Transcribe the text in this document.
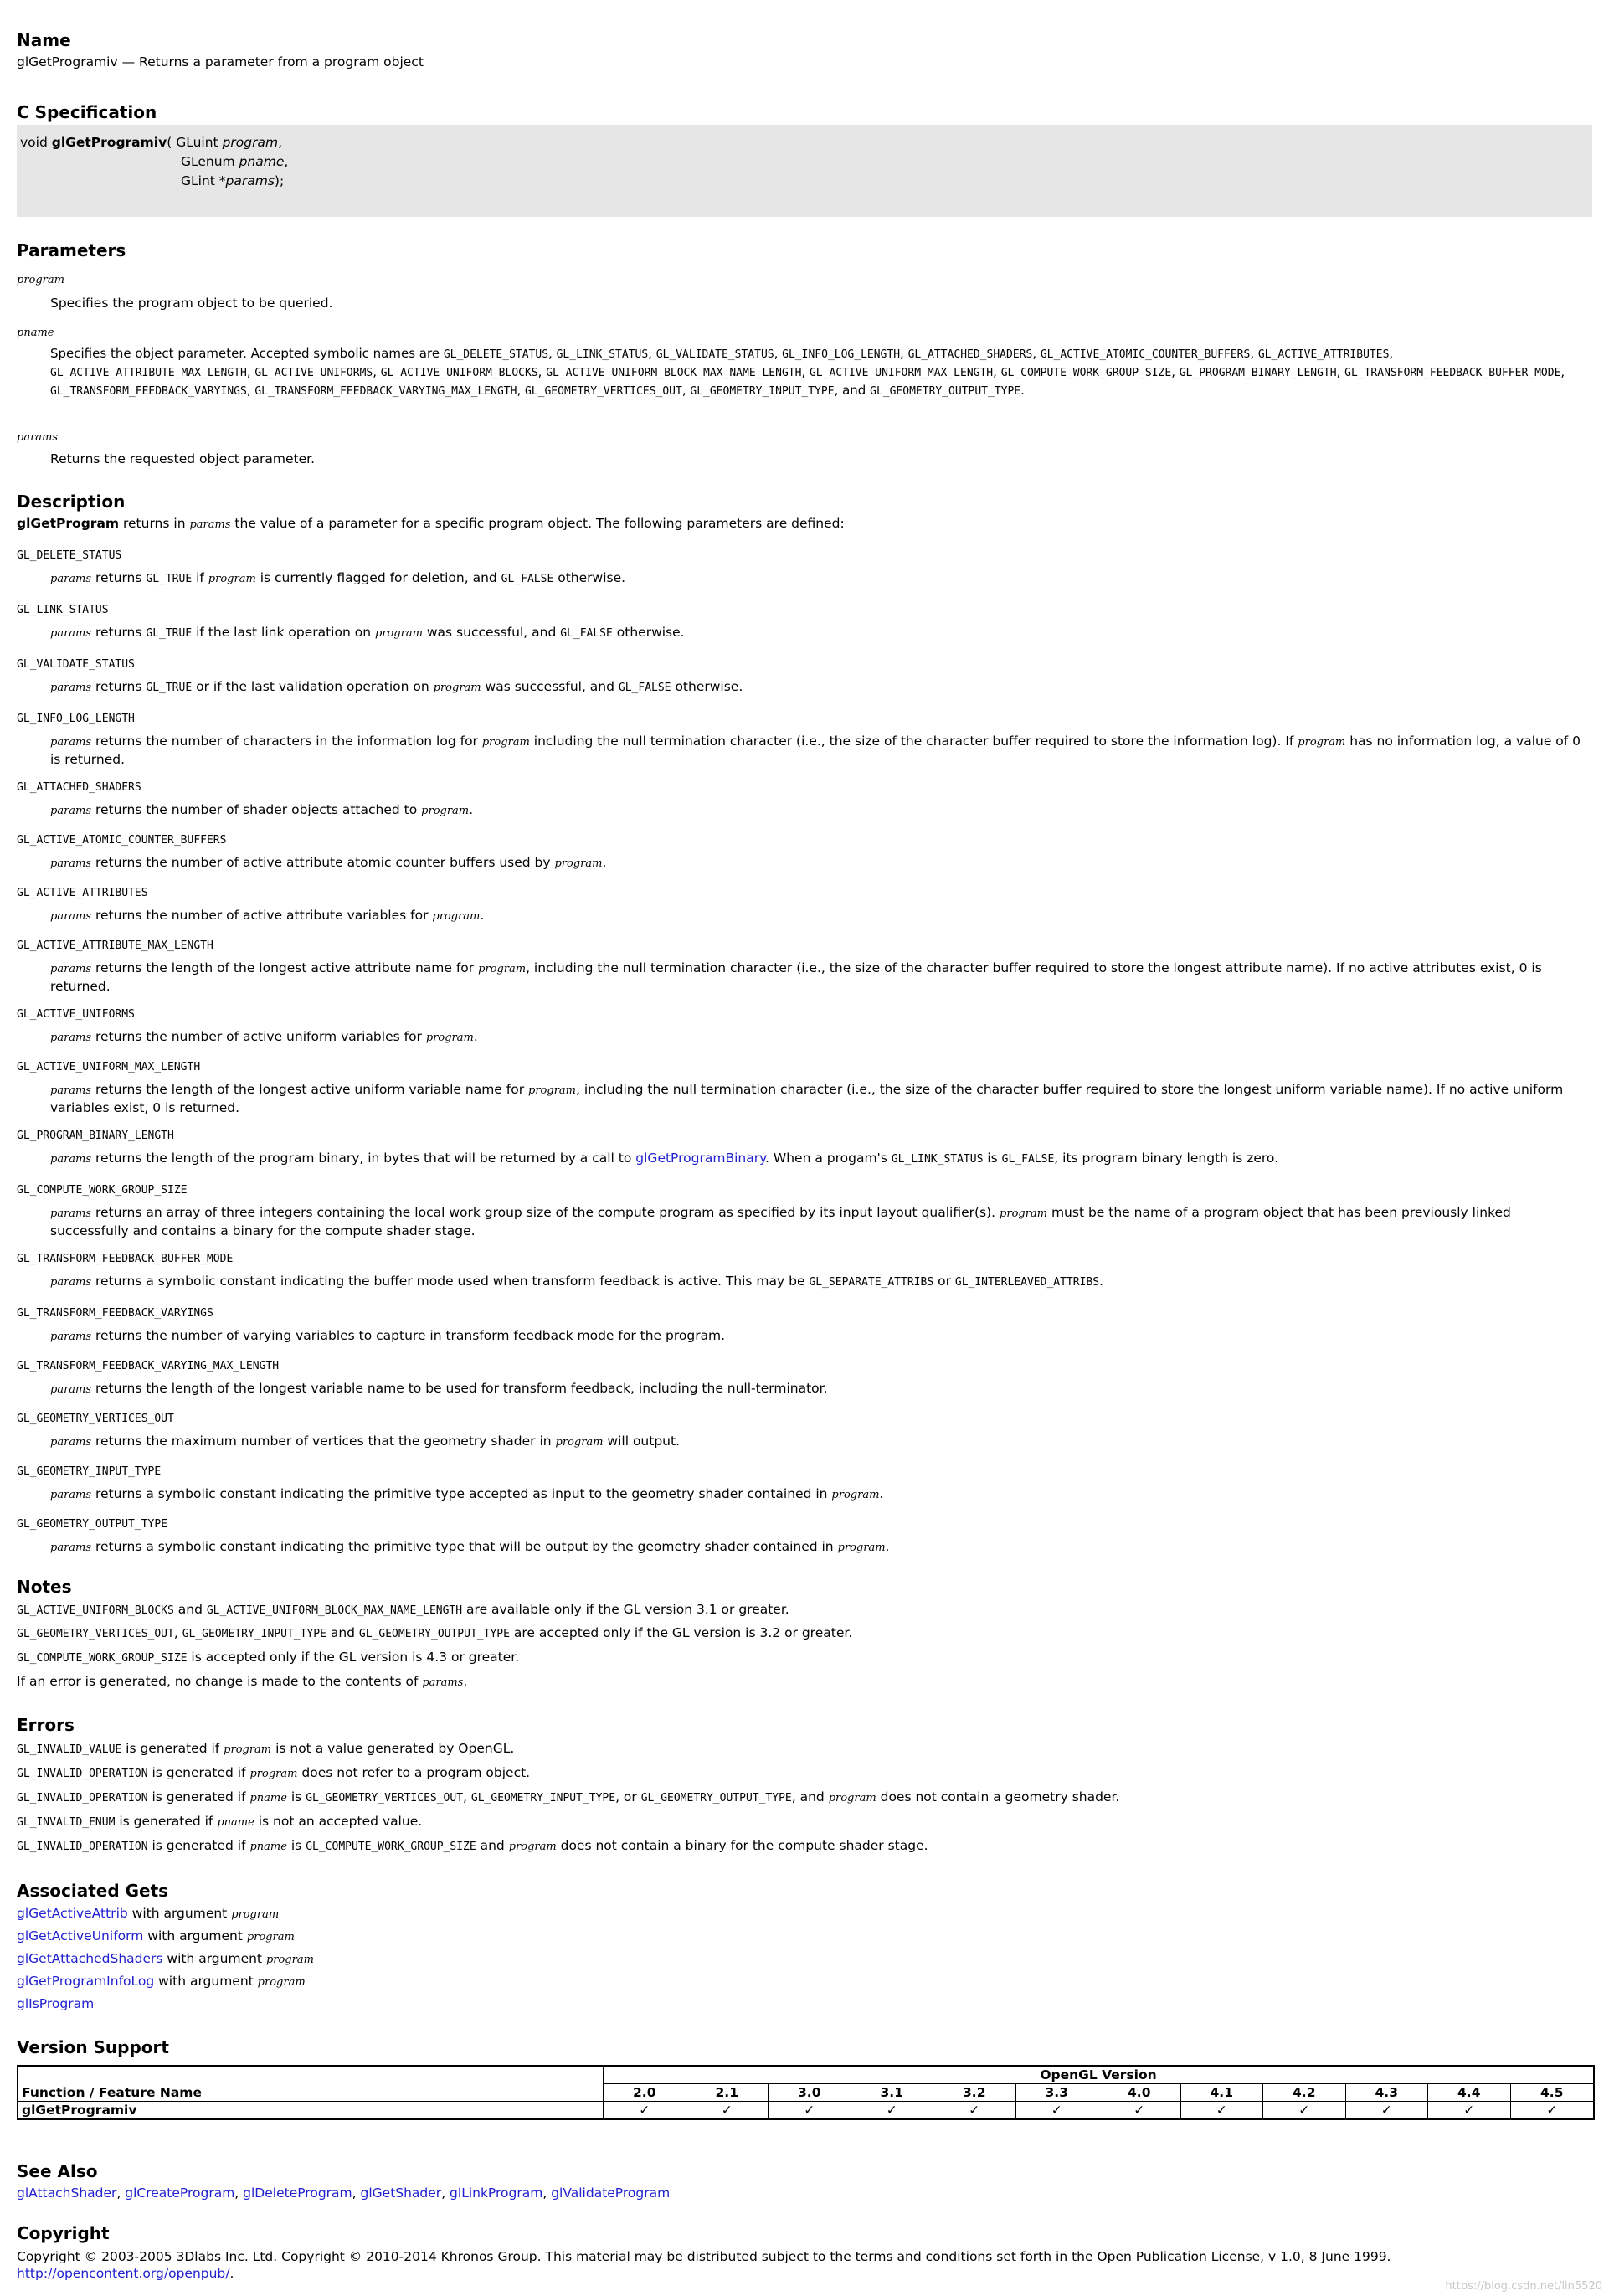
Name
glGetProgramiv — Returns a parameter from a program object
C Specification
void glGetProgramiv( GLuint program,
GLenum pname,
GLint *params);
Parameters
program
Specifies the program object to be queried.
pname
Specifies the object parameter. Accepted symbolic names are GL_DELETE_STATUS, GL_LINK_STATUS, GL_VALIDATE_STATUS, GL_INFO_LOG_LENGTH, GL_ATTACHED_SHADERS, GL_ACTIVE_ATOMIC_COUNTER_BUFFERS, GL_ACTIVE_ATTRIBUTES, GL_ACTIVE_ATTRIBUTE_MAX_LENGTH, GL_ACTIVE_UNIFORMS, GL_ACTIVE_UNIFORM_BLOCKS, GL_ACTIVE_UNIFORM_BLOCK_MAX_NAME_LENGTH, GL_ACTIVE_UNIFORM_MAX_LENGTH, GL_COMPUTE_WORK_GROUP_SIZE, GL_PROGRAM_BINARY_LENGTH, GL_TRANSFORM_FEEDBACK_BUFFER_MODE, GL_TRANSFORM_FEEDBACK_VARYINGS, GL_TRANSFORM_FEEDBACK_VARYING_MAX_LENGTH, GL_GEOMETRY_VERTICES_OUT, GL_GEOMETRY_INPUT_TYPE, and GL_GEOMETRY_OUTPUT_TYPE.
params
Returns the requested object parameter.
Description
glGetProgram returns in params the value of a parameter for a specific program object. The following parameters are defined:
GL_DELETE_STATUS
params returns GL_TRUE if program is currently flagged for deletion, and GL_FALSE otherwise.
GL_LINK_STATUS
params returns GL_TRUE if the last link operation on program was successful, and GL_FALSE otherwise.
GL_VALIDATE_STATUS
params returns GL_TRUE or if the last validation operation on program was successful, and GL_FALSE otherwise.
GL_INFO_LOG_LENGTH
params returns the number of characters in the information log for program including the null termination character (i.e., the size of the character buffer required to store the information log). If program has no information log, a value of 0 is returned.
GL_ATTACHED_SHADERS
params returns the number of shader objects attached to program.
GL_ACTIVE_ATOMIC_COUNTER_BUFFERS
params returns the number of active attribute atomic counter buffers used by program.
GL_ACTIVE_ATTRIBUTES
params returns the number of active attribute variables for program.
GL_ACTIVE_ATTRIBUTE_MAX_LENGTH
params returns the length of the longest active attribute name for program, including the null termination character (i.e., the size of the character buffer required to store the longest attribute name). If no active attributes exist, 0 is returned.
GL_ACTIVE_UNIFORMS
params returns the number of active uniform variables for program.
GL_ACTIVE_UNIFORM_MAX_LENGTH
params returns the length of the longest active uniform variable name for program, including the null termination character (i.e., the size of the character buffer required to store the longest uniform variable name). If no active uniform variables exist, 0 is returned.
GL_PROGRAM_BINARY_LENGTH
params returns the length of the program binary, in bytes that will be returned by a call to glGetProgramBinary. When a progam's GL_LINK_STATUS is GL_FALSE, its program binary length is zero.
GL_COMPUTE_WORK_GROUP_SIZE
params returns an array of three integers containing the local work group size of the compute program as specified by its input layout qualifier(s). program must be the name of a program object that has been previously linked successfully and contains a binary for the compute shader stage.
GL_TRANSFORM_FEEDBACK_BUFFER_MODE
params returns a symbolic constant indicating the buffer mode used when transform feedback is active. This may be GL_SEPARATE_ATTRIBS or GL_INTERLEAVED_ATTRIBS.
GL_TRANSFORM_FEEDBACK_VARYINGS
params returns the number of varying variables to capture in transform feedback mode for the program.
GL_TRANSFORM_FEEDBACK_VARYING_MAX_LENGTH
params returns the length of the longest variable name to be used for transform feedback, including the null-terminator.
GL_GEOMETRY_VERTICES_OUT
params returns the maximum number of vertices that the geometry shader in program will output.
GL_GEOMETRY_INPUT_TYPE
params returns a symbolic constant indicating the primitive type accepted as input to the geometry shader contained in program.
GL_GEOMETRY_OUTPUT_TYPE
params returns a symbolic constant indicating the primitive type that will be output by the geometry shader contained in program.
Notes
GL_ACTIVE_UNIFORM_BLOCKS and GL_ACTIVE_UNIFORM_BLOCK_MAX_NAME_LENGTH are available only if the GL version 3.1 or greater.
GL_GEOMETRY_VERTICES_OUT, GL_GEOMETRY_INPUT_TYPE and GL_GEOMETRY_OUTPUT_TYPE are accepted only if the GL version is 3.2 or greater.
GL_COMPUTE_WORK_GROUP_SIZE is accepted only if the GL version is 4.3 or greater.
If an error is generated, no change is made to the contents of params.
Errors
GL_INVALID_VALUE is generated if program is not a value generated by OpenGL.
GL_INVALID_OPERATION is generated if program does not refer to a program object.
GL_INVALID_OPERATION is generated if pname is GL_GEOMETRY_VERTICES_OUT, GL_GEOMETRY_INPUT_TYPE, or GL_GEOMETRY_OUTPUT_TYPE, and program does not contain a geometry shader.
GL_INVALID_ENUM is generated if pname is not an accepted value.
GL_INVALID_OPERATION is generated if pname is GL_COMPUTE_WORK_GROUP_SIZE and program does not contain a binary for the compute shader stage.
Associated Gets
glGetActiveAttrib with argument program
glGetActiveUniform with argument program
glGetAttachedShaders with argument program
glGetProgramInfoLog with argument program
glIsProgram
Version Support
	OpenGL Version											
Function / Feature Name	2.0	2.1	3.0	3.1	3.2	3.3	4.0	4.1	4.2	4.3	4.4	4.5
glGetProgramiv	✓	✓	✓	✓	✓	✓	✓	✓	✓	✓	✓	✓
See Also
glAttachShader, glCreateProgram, glDeleteProgram, glGetShader, glLinkProgram, glValidateProgram
Copyright
Copyright © 2003-2005 3Dlabs Inc. Ltd. Copyright © 2010-2014 Khronos Group. This material may be distributed subject to the terms and conditions set forth in the Open Publication License, v 1.0, 8 June 1999.
http://opencontent.org/openpub/.
https://blog.csdn.net/lin5520
